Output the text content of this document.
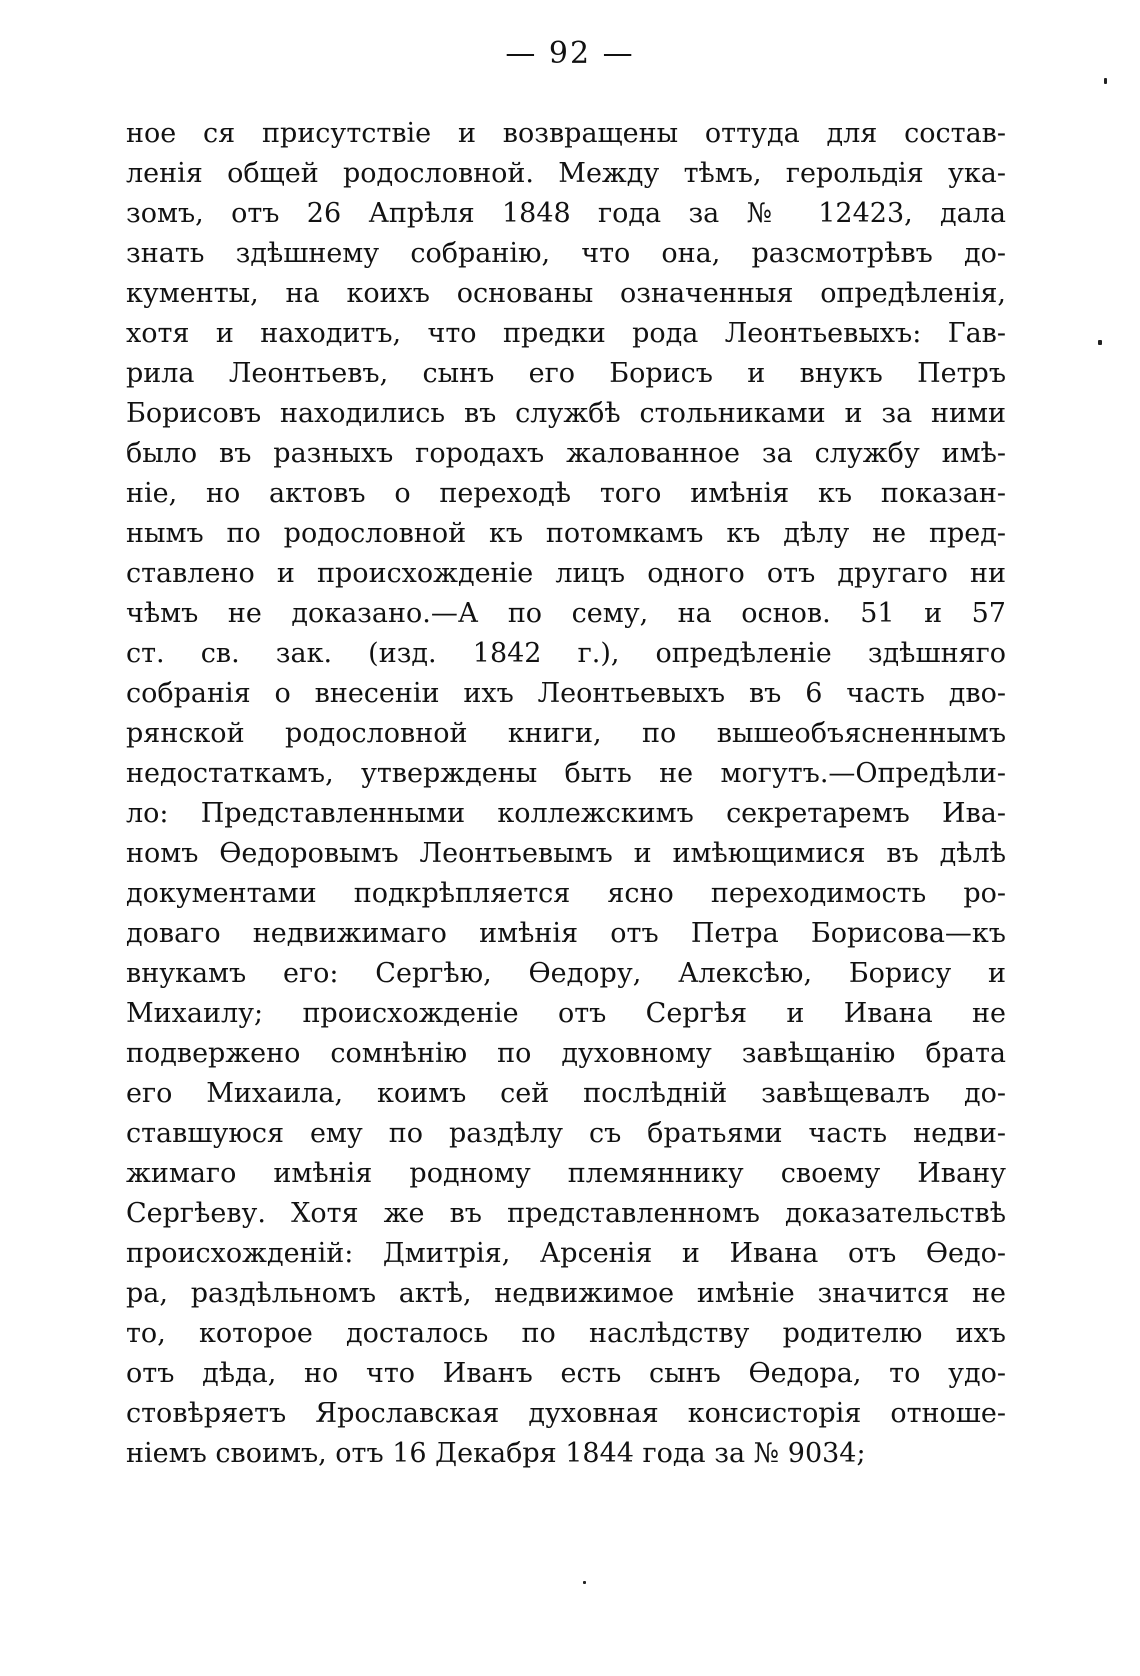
— 92 —
ное ся присутствіе и возвращены оттуда для состав-
ленія общей родословной. Между тѣмъ, герольдія ука-
зомъ, отъ 26 Апрѣля 1848 года за № 12423, дала
знать здѣшнему собранію, что она, разсмотрѣвъ до-
кументы, на коихъ основаны означенныя опредѣленія,
хотя и находитъ, что предки рода Леонтьевыхъ: Гав-
рила Леонтьевъ, сынъ его Борисъ и внукъ Петръ
Борисовъ находились въ службѣ стольниками и за ними
было въ разныхъ городахъ жалованное за службу имѣ-
ніе, но актовъ о переходѣ того имѣнія къ показан-
нымъ по родословной къ потомкамъ къ дѣлу не пред-
ставлено и происхожденіе лицъ одного отъ другаго ни
чѣмъ не доказано.—А по сему, на основ. 51 и 57
ст. св. зак. (изд. 1842 г.), опредѣленіе здѣшняго
собранія о внесеніи ихъ Леонтьевыхъ въ 6 часть дво-
рянской родословной книги, по вышеобъясненнымъ
недостаткамъ, утверждены быть не могутъ.—Опредѣли-
ло: Представленными коллежскимъ секретаремъ Ива-
номъ Өедоровымъ Леонтьевымъ и имѣющимися въ дѣлѣ
документами подкрѣпляется ясно переходимость ро-
доваго недвижимаго имѣнія отъ Петра Борисова—къ
внукамъ его: Сергѣю, Өедору, Алексѣю, Борису и
Михаилу; происхожденіе отъ Сергѣя и Ивана не
подвержено сомнѣнію по духовному завѣщанію брата
его Михаила, коимъ сей послѣдній завѣщевалъ до-
ставшуюся ему по раздѣлу съ братьями часть недви-
жимаго имѣнія родному племяннику своему Ивану
Сергѣеву. Хотя же въ представленномъ доказательствѣ
происхожденій: Дмитрія, Арсенія и Ивана отъ Өедо-
ра, раздѣльномъ актѣ, недвижимое имѣніе значится не
то, которое досталось по наслѣдству родителю ихъ
отъ дѣда, но что Иванъ есть сынъ Өедора, то удо-
стовѣряетъ Ярославская духовная консисторія отноше-
ніемъ своимъ, отъ 16 Декабря 1844 года за № 9034;
